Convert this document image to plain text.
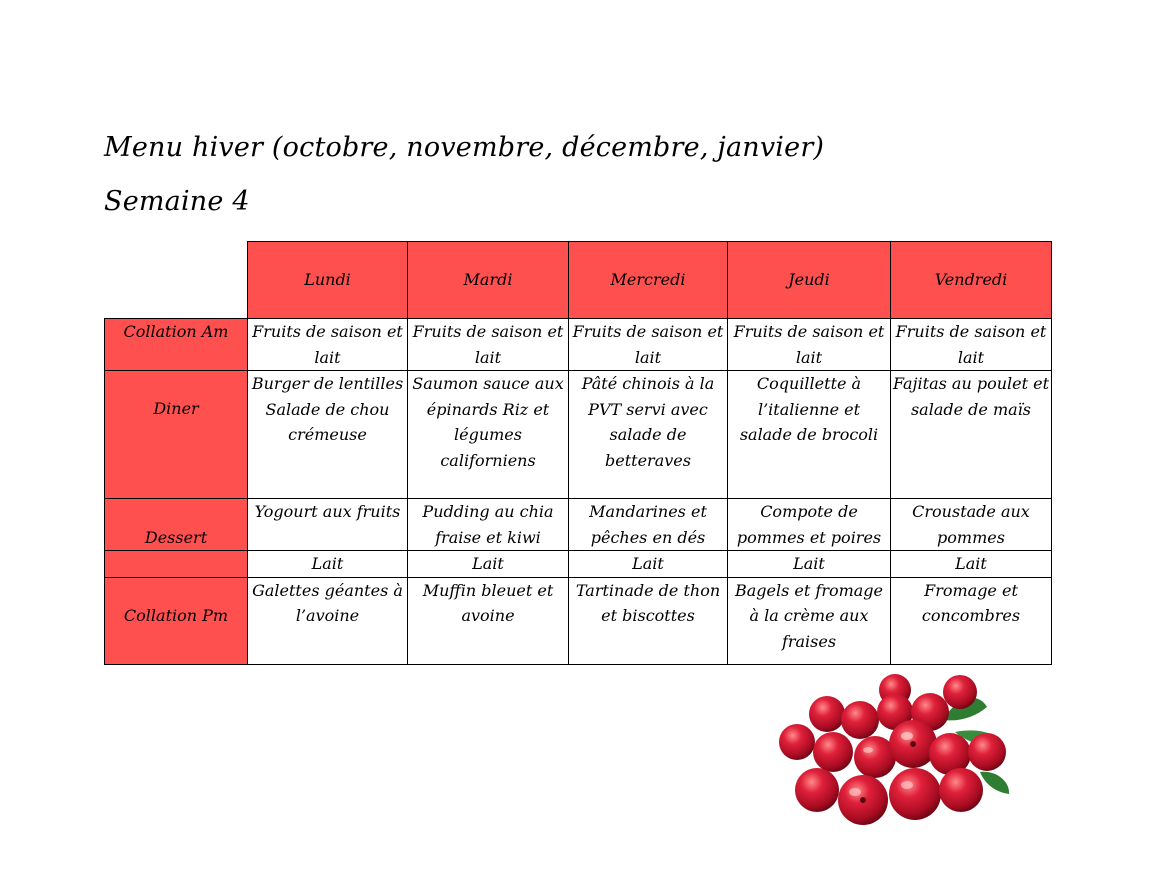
Menu hiver (octobre, novembre, décembre, janvier)
Semaine 4
	Lundi	Mardi	Mercredi	Jeudi	Vendredi
Collation Am	Fruits de saison et lait	Fruits de saison et lait	Fruits de saison et lait	Fruits de saison et lait	Fruits de saison et lait
Diner	Burger de lentilles Salade de chou crémeuse	Saumon sauce aux épinards Riz et légumes californiens	Pâté chinois à la PVT servi avec salade de betteraves	Coquillette à l’italienne et salade de brocoli	Fajitas au poulet et salade de maïs
Dessert	Yogourt aux fruits	Pudding au chia fraise et kiwi	Mandarines et pêches en dés	Compote de pommes et poires	Croustade aux pommes
	Lait	Lait	Lait	Lait	Lait
Collation Pm	Galettes géantes à l’avoine	Muffin bleuet et avoine	Tartinade de thon et biscottes	Bagels et fromage à la crème aux fraises	Fromage et concombres
